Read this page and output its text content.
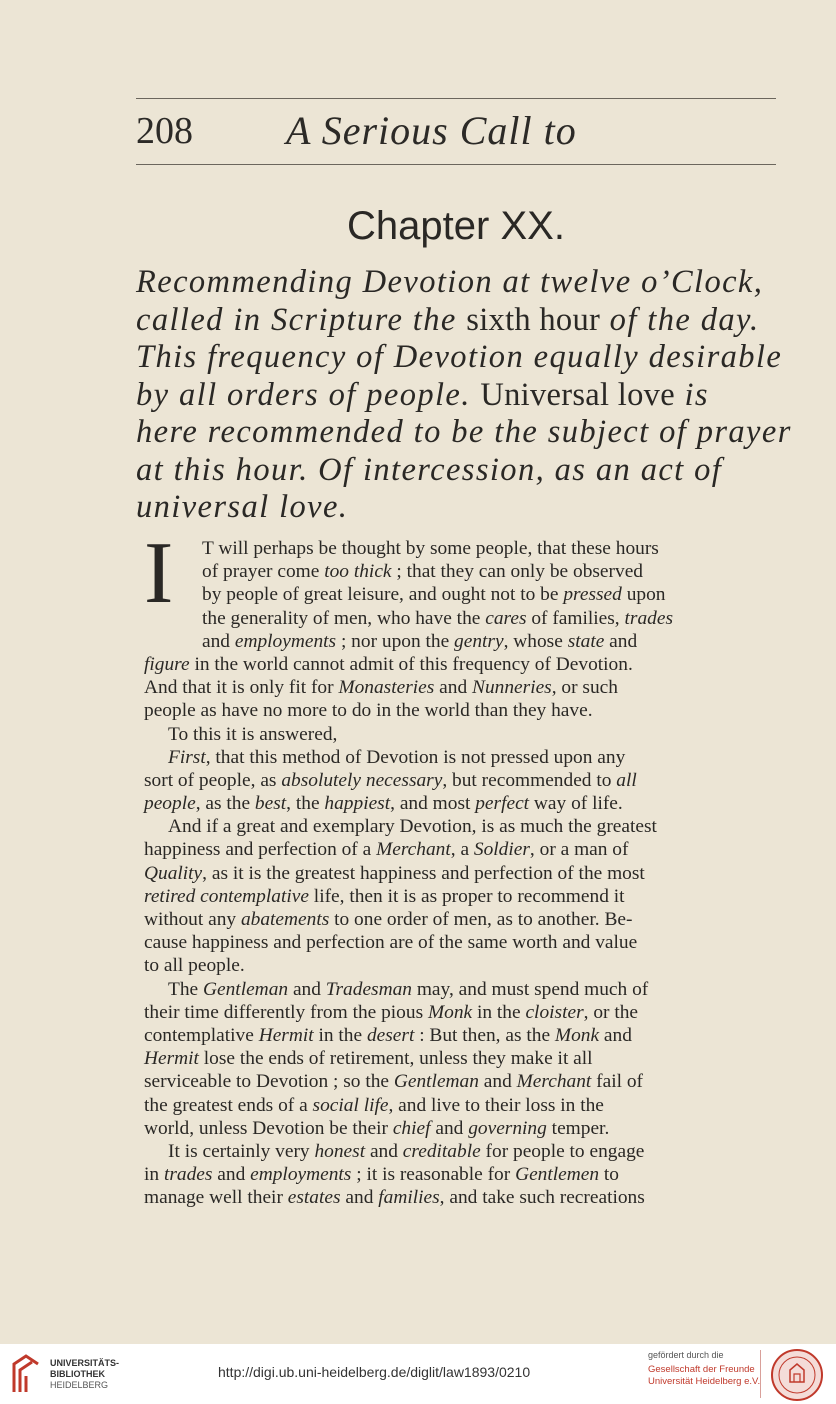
208 A Serious Call to
Chapter XX.
Recommending Devotion at twelve o’Clock,
called in Scripture the sixth hour of the day.
This frequency of Devotion equally desirable
by all orders of people. Universal love is
here recommended to be the subject of prayer
at this hour. Of intercession, as an act of
universal love.
I	T will perhaps be thought by some people, that these hours
of prayer come too thick ; that they can only be observed
by people of great leisure, and ought not to be pressed upon
the generality of men, who have the cares of families, trades
and employments ; nor upon the gentry, whose state and
figure in the world cannot admit of this frequency of Devotion.
And that it is only fit for Monasteries and Nunneries, or such
people as have no more to do in the world than they have.
To this it is answered,
First, that this method of Devotion is not pressed upon any
sort of people, as absolutely necessary, but recommended to all
people, as the best, the happiest, and most perfect way of life.
And if a great and exemplary Devotion, is as much the greatest
happiness and perfection of a Merchant, a Soldier, or a man of
Quality, as it is the greatest happiness and perfection of the most
retired contemplative life, then it is as proper to recommend it
without any abatements to one order of men, as to another. Be-
cause happiness and perfection are of the same worth and value
to all people.
The Gentleman and Tradesman may, and must spend much of
their time differently from the pious Monk in the cloister, or the
contemplative Hermit in the desert : But then, as the Monk and
Hermit lose the ends of retirement, unless they make it all
serviceable to Devotion ; so the Gentleman and Merchant fail of
the greatest ends of a social life, and live to their loss in the
world, unless Devotion be their chief and governing temper.
It is certainly very honest and creditable for people to engage
in trades and employments ; it is reasonable for Gentlemen to
manage well their estates and families, and take such recreations
UNIVERSITÄTS-
BIBLIOTHEK
HEIDELBERG
http://digi.ub.uni-heidelberg.de/diglit/law1893/0210
gefördert durch die
Gesellschaft der Freunde
Universität Heidelberg e.V.
